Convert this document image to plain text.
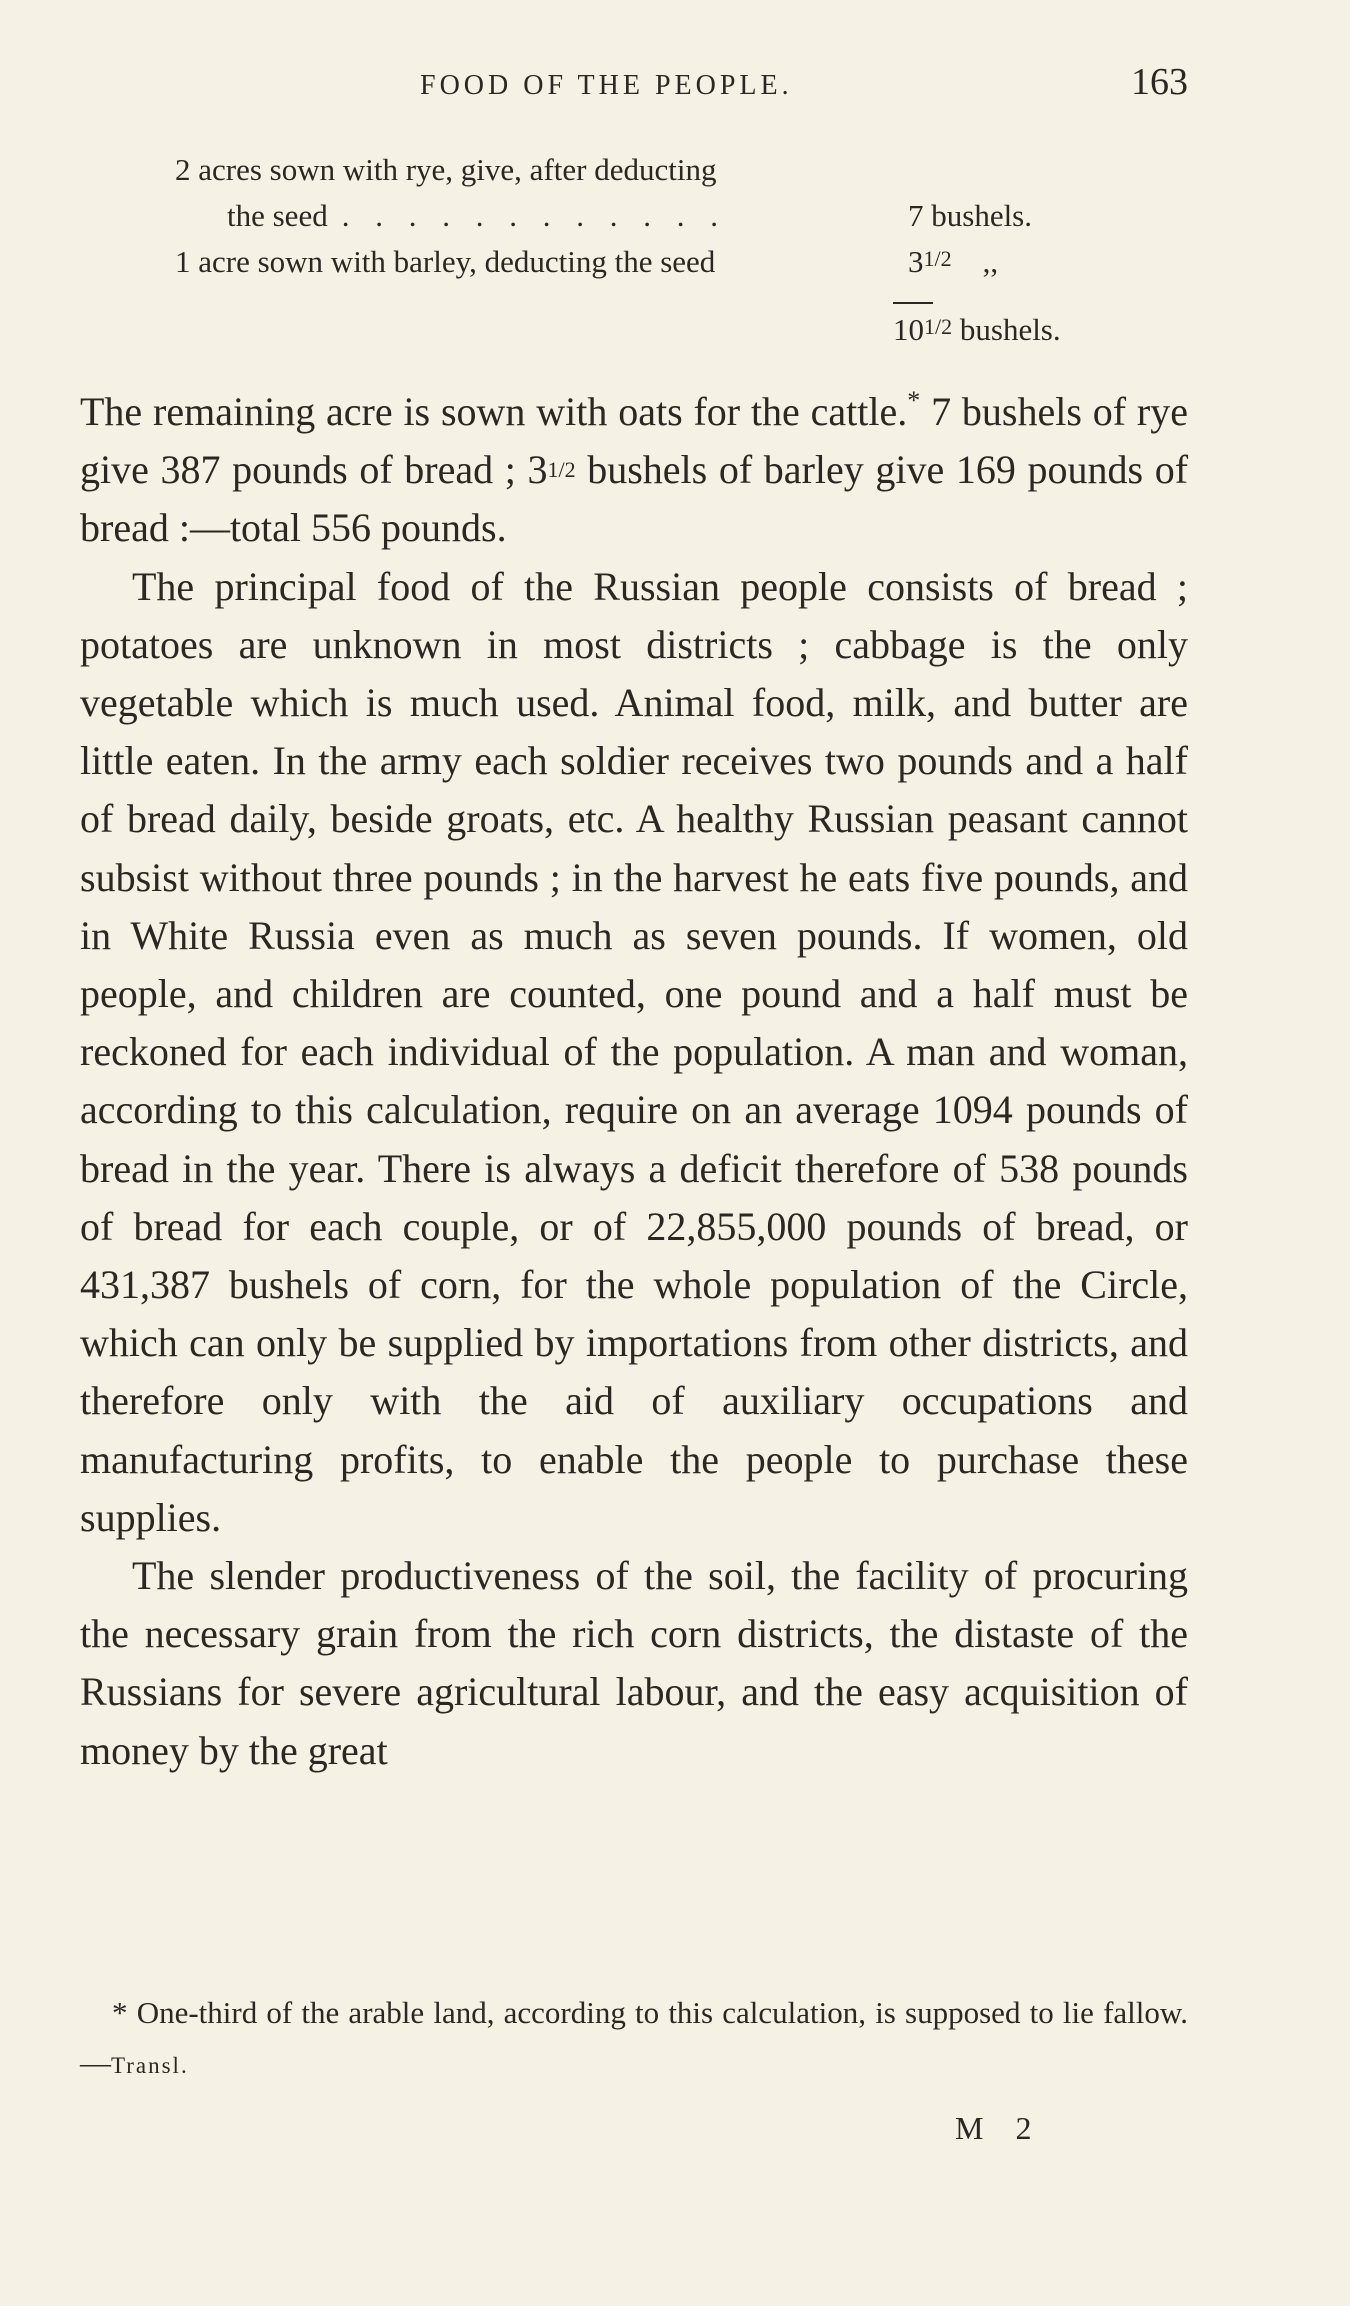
FOOD OF THE PEOPLE.	163
2 acres sown with rye, give, after deducting
the seed . . . . . . . . . . . .	7 bushels.
1 acre sown with barley, deducting the seed	31/2 ,,
101/2 bushels.

The remaining acre is sown with oats for the cattle.* 7 bushels of rye give 387 pounds of bread ; 31/2 bushels of barley give 169 pounds of bread :—total 556 pounds.

The principal food of the Russian people consists of bread ; potatoes are unknown in most districts ; cabbage is the only vegetable which is much used. Animal food, milk, and butter are little eaten. In the army each soldier receives two pounds and a half of bread daily, beside groats, etc. A healthy Russian peasant cannot subsist without three pounds ; in the harvest he eats five pounds, and in White Russia even as much as seven pounds. If women, old people, and children are counted, one pound and a half must be reckoned for each individual of the population. A man and woman, according to this calculation, require on an average 1094 pounds of bread in the year. There is always a deficit therefore of 538 pounds of bread for each couple, or of 22,855,000 pounds of bread, or 431,387 bushels of corn, for the whole population of the Circle, which can only be supplied by importations from other districts, and therefore only with the aid of auxiliary occupations and manufacturing profits, to enable the people to purchase these supplies.

The slender productiveness of the soil, the facility of procuring the necessary grain from the rich corn districts, the distaste of the Russians for severe agricultural labour, and the easy acquisition of money by the great

* One-third of the arable land, according to this calculation, is supposed to lie fallow.—Transl.
M 2
